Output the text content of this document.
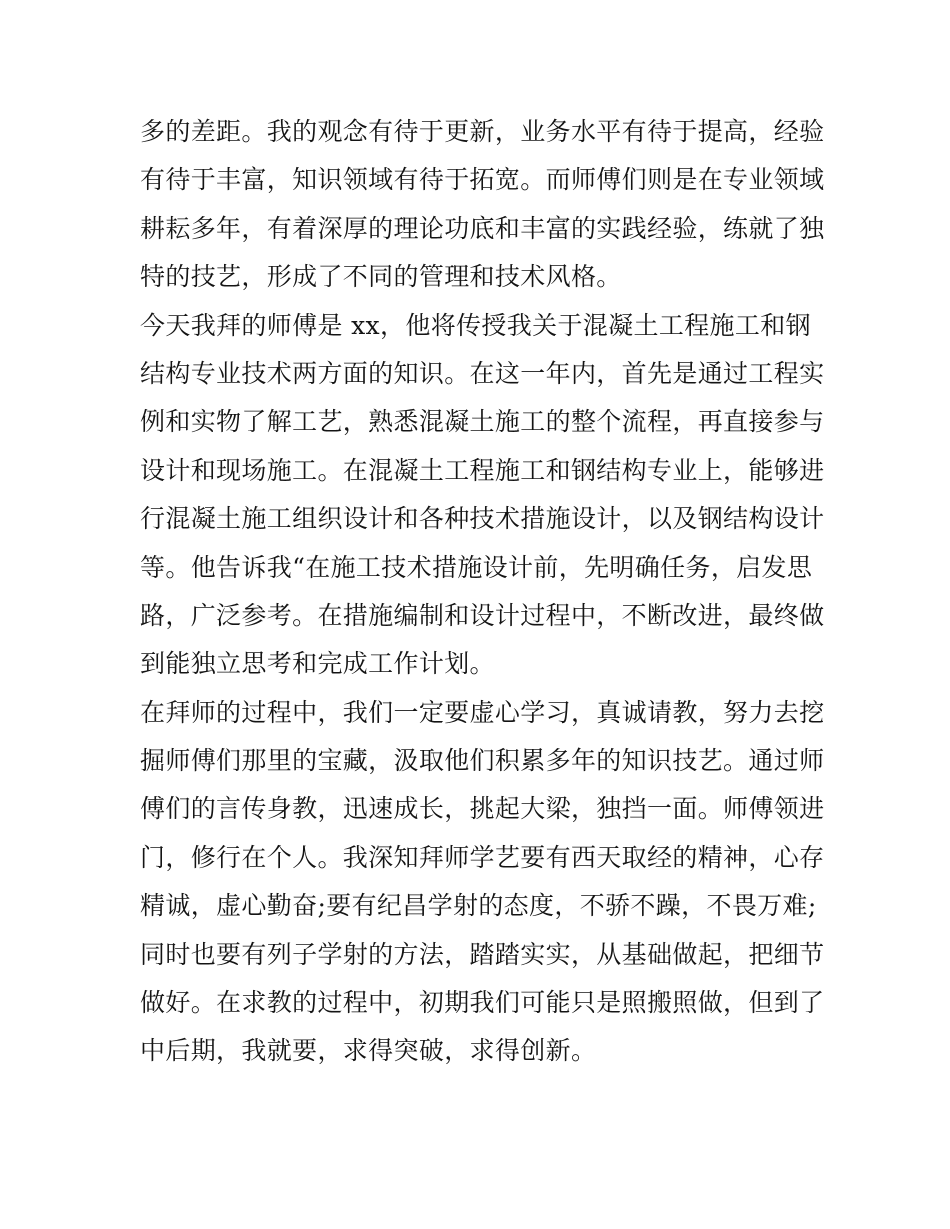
多的差距。我的观念有待于更新，业务水平有待于提高，经验
有待于丰富，知识领域有待于拓宽。而师傅们则是在专业领域
耕耘多年，有着深厚的理论功底和丰富的实践经验，练就了独
特的技艺，形成了不同的管理和技术风格。
今天我拜的师傅是 xx，他将传授我关于混凝土工程施工和钢
结构专业技术两方面的知识。在这一年内，首先是通过工程实
例和实物了解工艺，熟悉混凝土施工的整个流程，再直接参与
设计和现场施工。在混凝土工程施工和钢结构专业上，能够进
行混凝土施工组织设计和各种技术措施设计，以及钢结构设计
等。他告诉我“在施工技术措施设计前，先明确任务，启发思
路，广泛参考。在措施编制和设计过程中，不断改进，最终做
到能独立思考和完成工作计划。
在拜师的过程中，我们一定要虚心学习，真诚请教，努力去挖
掘师傅们那里的宝藏，汲取他们积累多年的知识技艺。通过师
傅们的言传身教，迅速成长，挑起大梁，独挡一面。师傅领进
门，修行在个人。我深知拜师学艺要有西天取经的精神，心存
精诚，虚心勤奋;要有纪昌学射的态度，不骄不躁，不畏万难;
同时也要有列子学射的方法，踏踏实实，从基础做起，把细节
做好。在求教的过程中，初期我们可能只是照搬照做，但到了
中后期，我就要，求得突破，求得创新。
